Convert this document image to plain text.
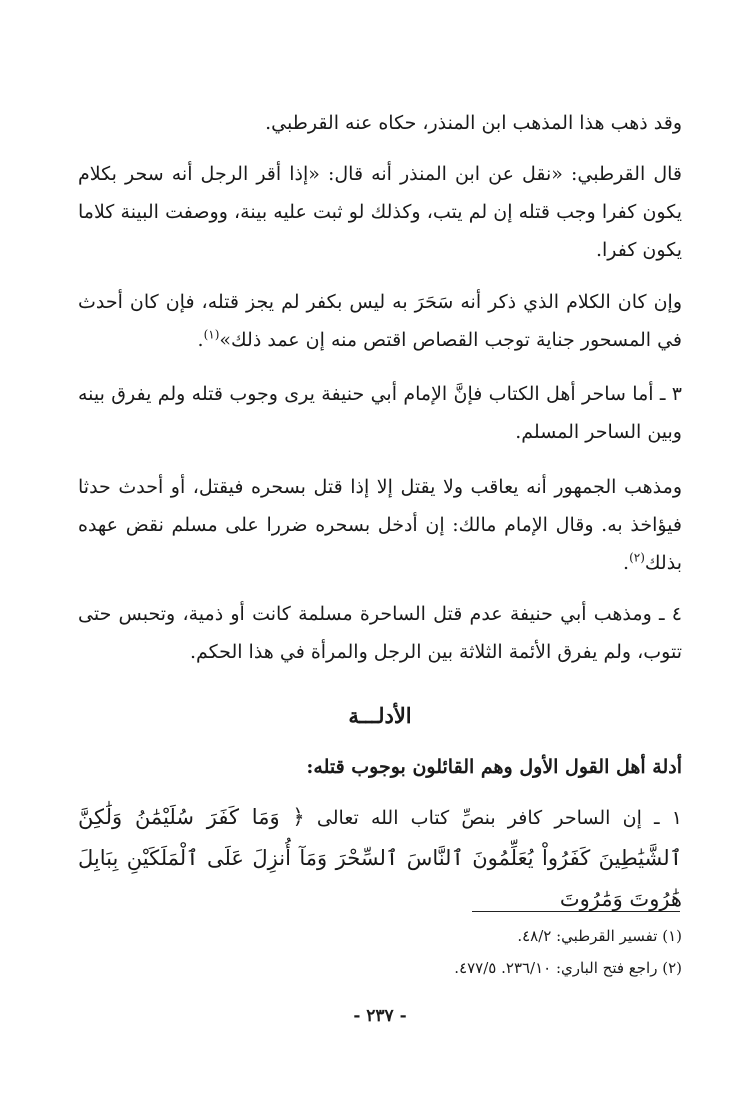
وقد ذهب هذا المذهب ابن المنذر، حكاه عنه القرطبي.

قال القرطبي: «نقل عن ابن المنذر أنه قال: «إذا أقر الرجل أنه سحر بكلام يكون كفرا وجب قتله إن لم يتب، وكذلك لو ثبت عليه بينة، ووصفت البينة كلاما يكون كفرا.

وإن كان الكلام الذي ذكر أنه سَحَرَ به ليس بكفر لم يجز قتله، فإن كان أحدث في المسحور جناية توجب القصاص اقتص منه إن عمد ذلك»$^{(١)}$.

٣ ـ أما ساحر أهل الكتاب فإنَّ الإمام أبي حنيفة يرى وجوب قتله ولم يفرق بينه وبين الساحر المسلم.

ومذهب الجمهور أنه يعاقب ولا يقتل إلا إذا قتل بسحره فيقتل، أو أحدث حدثا فيؤاخذ به. وقال الإمام مالك: إن أدخل بسحره ضررا على مسلم نقض عهده بذلك$^{(٢)}$.

٤ ـ ومذهب أبي حنيفة عدم قتل الساحرة مسلمة كانت أو ذمية، وتحبس حتى تتوب، ولم يفرق الأئمة الثلاثة بين الرجل والمرأة في هذا الحكم.

الأدلـــة
أدلة أهل القول الأول وهم القائلون بوجوب قتله:

١ ـ إن الساحر كافر بنصِّ كتاب الله تعالى ﴿ وَمَا كَفَرَ سُلَيْمَٰنُ وَلَٰكِنَّ ٱلشَّيَٰطِينَ كَفَرُواْ يُعَلِّمُونَ ٱلنَّاسَ ٱلسِّحْرَ وَمَآ أُنزِلَ عَلَى ٱلْمَلَكَيْنِ بِبَابِلَ هَٰرُوتَ وَمَٰرُوتَ

(١) تفسير القرطبي: ٤٨/٢.

(٢) راجع فتح الباري: ٢٣٦/١٠. ٤٧٧/٥.

- ٢٣٧ -
